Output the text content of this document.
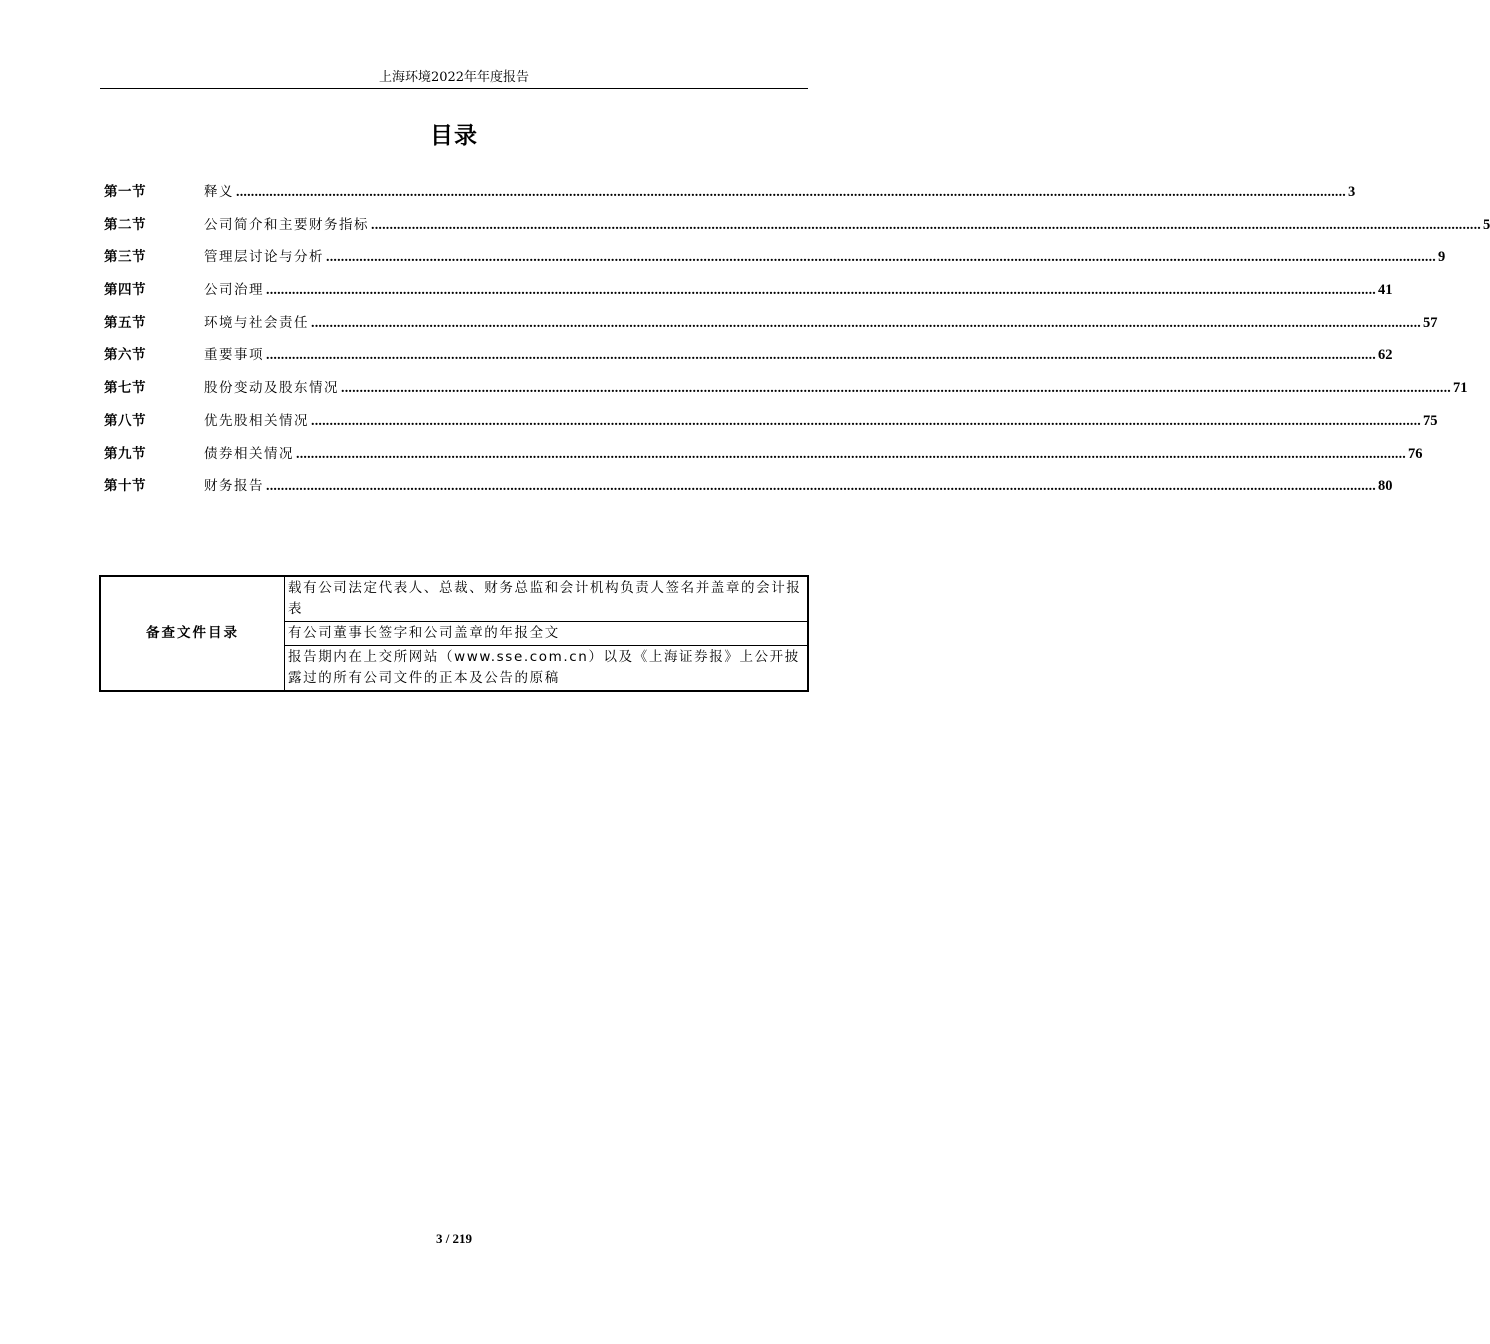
上海环境2022年年度报告
目录
第一节	释义 ............................................................................................................................................................................................................................................................................................................ 3
第二节	公司简介和主要财务指标 ............................................................................................................................................................................................................................................................................................................ 5
第三节	管理层讨论与分析 ............................................................................................................................................................................................................................................................................................................ 9
第四节	公司治理 ............................................................................................................................................................................................................................................................................................................ 41
第五节	环境与社会责任 ............................................................................................................................................................................................................................................................................................................ 57
第六节	重要事项 ............................................................................................................................................................................................................................................................................................................ 62
第七节	股份变动及股东情况 ............................................................................................................................................................................................................................................................................................................ 71
第八节	优先股相关情况 ............................................................................................................................................................................................................................................................................................................ 75
第九节	债券相关情况 ............................................................................................................................................................................................................................................................................................................ 76
第十节	财务报告 ............................................................................................................................................................................................................................................................................................................ 80
备查文件目录	载有公司法定代表人、总裁、财务总监和会计机构负责人签名并盖章的会计报表
有公司董事长签字和公司盖章的年报全文
报告期内在上交所网站（www.sse.com.cn）以及《上海证券报》上公开披露过的所有公司文件的正本及公告的原稿
3 / 219
